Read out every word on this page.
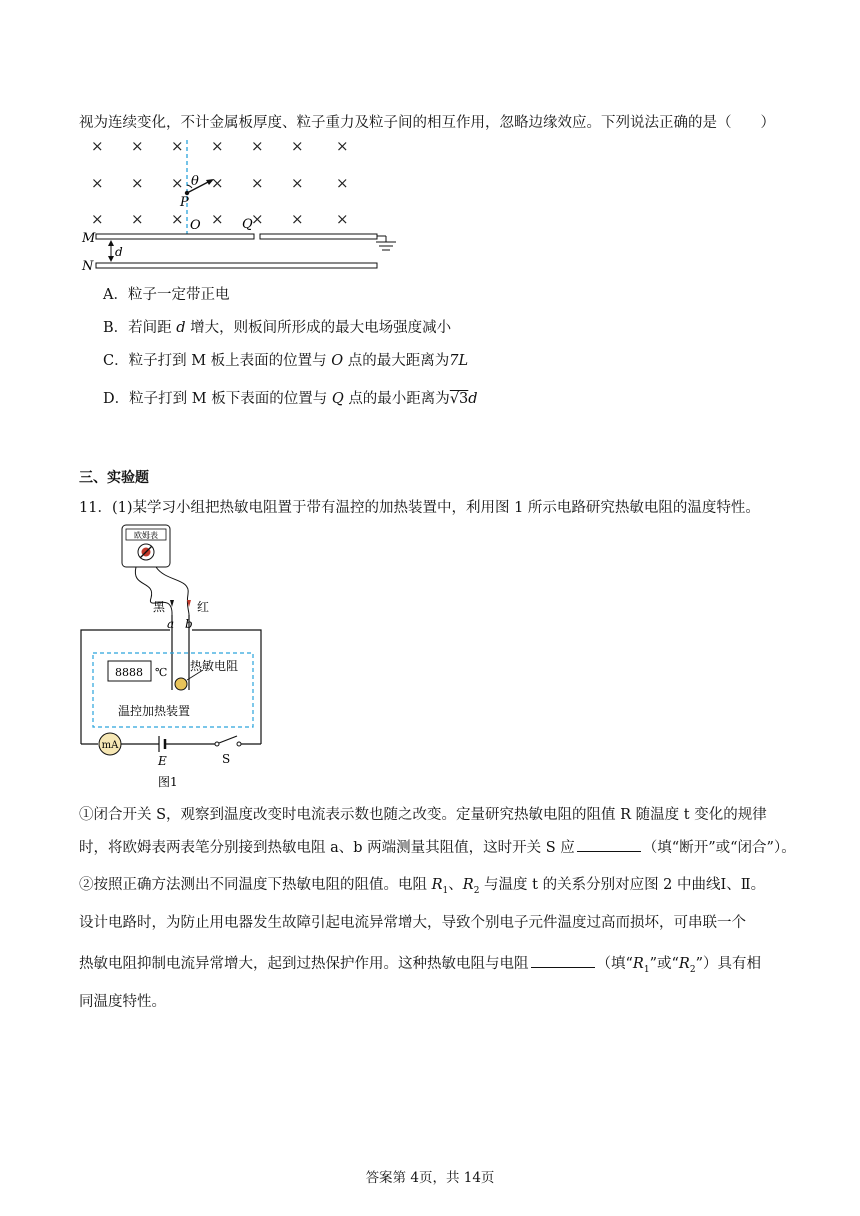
视为连续变化，不计金属板厚度、粒子重力及粒子间的相互作用，忽略边缘效应。下列说法正确的是（　　）
× × × × × × ×
× × × × × × ×
× × × × × × ×
θ
P
O	Q
M
N
d
A．粒子一定带正电
B．若间距 d 增大，则板间所形成的最大电场强度减小
C．粒子打到 M 板上表面的位置与 O 点的最大距离为7L
D．粒子打到 M 板下表面的位置与 Q 点的最小距离为√3d
三、实验题
11．(1)某学习小组把热敏电阻置于带有温控的加热装置中，利用图 1 所示电路研究热敏电阻的温度特性。
欧姆表
黑	红
a b
8888 ℃ 热敏电阻
温控加热装置
mA
E	S
图1
①闭合开关 S，观察到温度改变时电流表示数也随之改变。定量研究热敏电阻的阻值 R 随温度 t 变化的规律
时，将欧姆表两表笔分别接到热敏电阻 a、b 两端测量其阻值，这时开关 S 应	（填“断开”或“闭合”）。
②按照正确方法测出不同温度下热敏电阻的阻值。电阻 $R_1$、$R_2$ 与温度 t 的关系分别对应图 2 中曲线Ⅰ、Ⅱ。
设计电路时，为防止用电器发生故障引起电流异常增大，导致个别电子元件温度过高而损坏，可串联一个
热敏电阻抑制电流异常增大，起到过热保护作用。这种热敏电阻与电阻	（填“$R_1$”或“$R_2$”）具有相
同温度特性。
答案第 4页，共 14页
